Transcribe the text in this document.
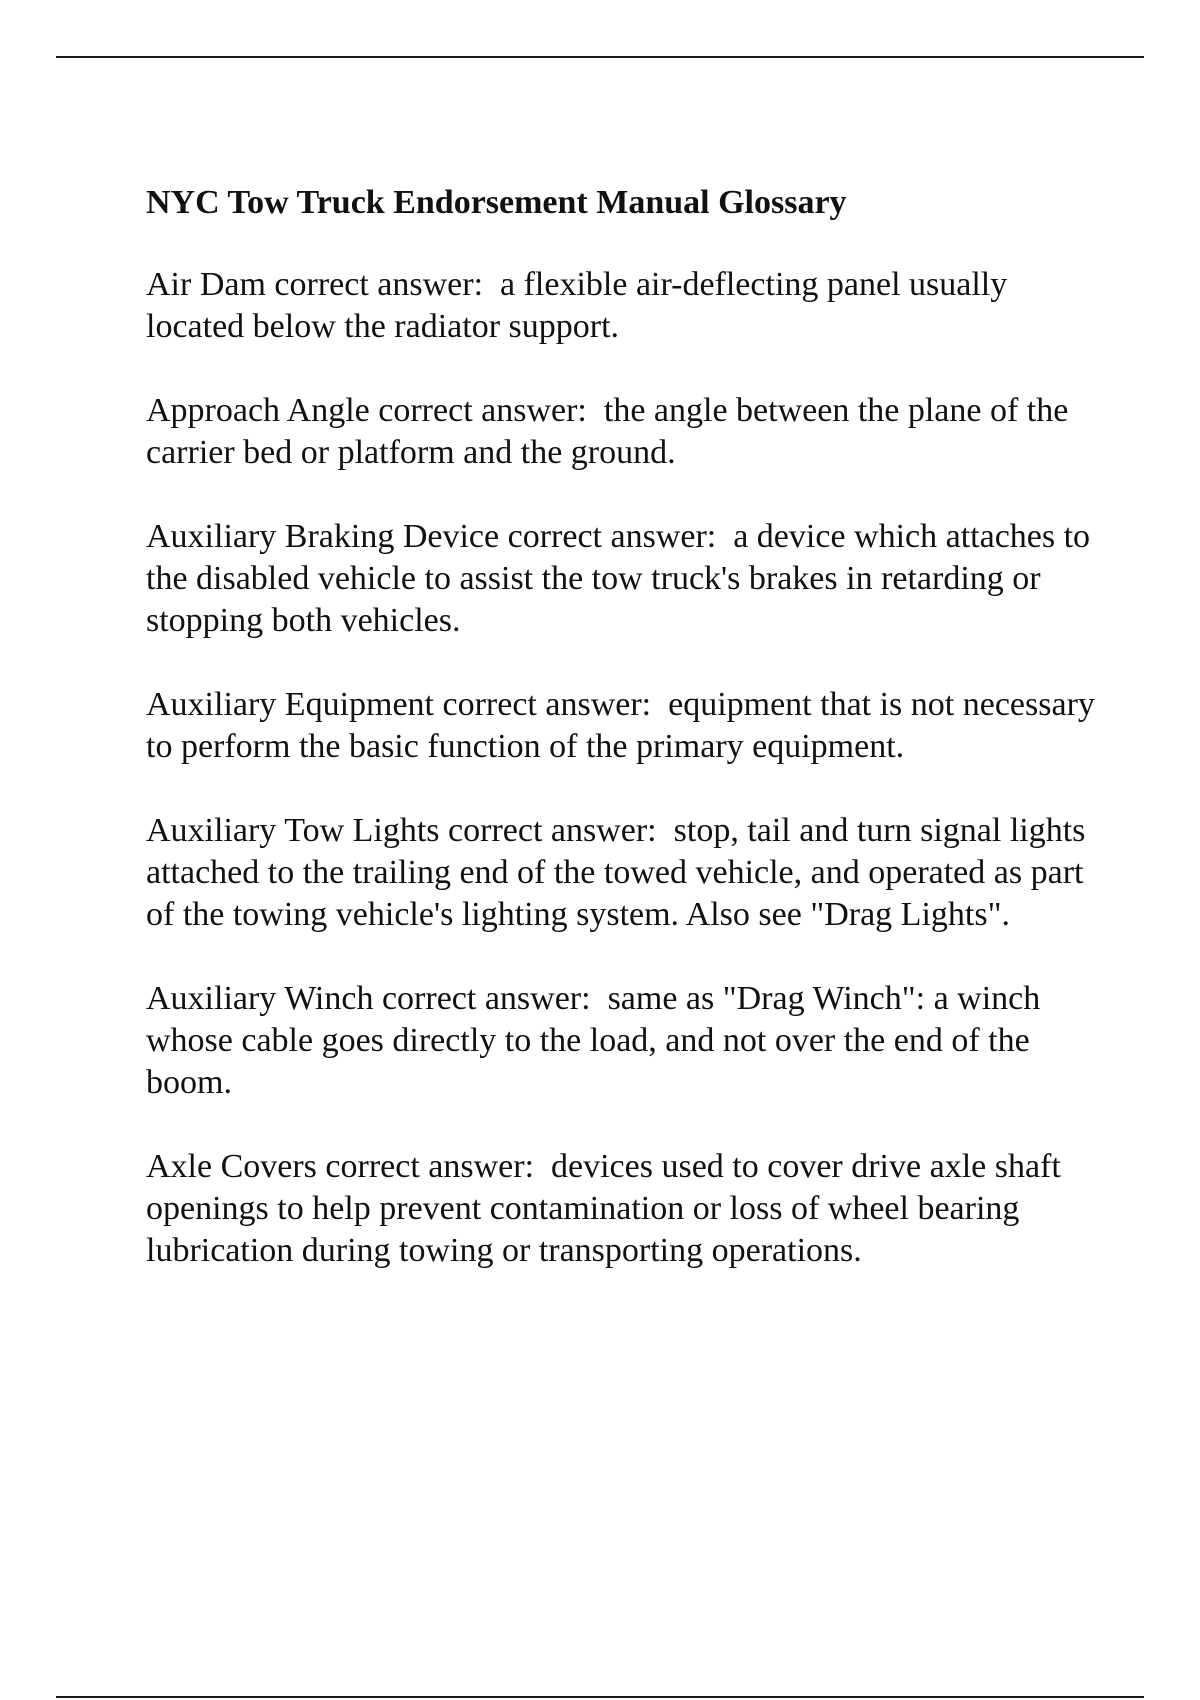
NYC Tow Truck Endorsement Manual Glossary

Air Dam correct answer: a flexible air-deflecting panel usually located below the radiator support.

Approach Angle correct answer: the angle between the plane of the carrier bed or platform and the ground.

Auxiliary Braking Device correct answer: a device which attaches to the disabled vehicle to assist the tow truck's brakes in retarding or stopping both vehicles.

Auxiliary Equipment correct answer: equipment that is not necessary to perform the basic function of the primary equipment.

Auxiliary Tow Lights correct answer: stop, tail and turn signal lights attached to the trailing end of the towed vehicle, and operated as part of the towing vehicle's lighting system. Also see "Drag Lights".

Auxiliary Winch correct answer: same as "Drag Winch": a winch whose cable goes directly to the load, and not over the end of the boom.

Axle Covers correct answer: devices used to cover drive axle shaft openings to help prevent contamination or loss of wheel bearing lubrication during towing or transporting operations.
